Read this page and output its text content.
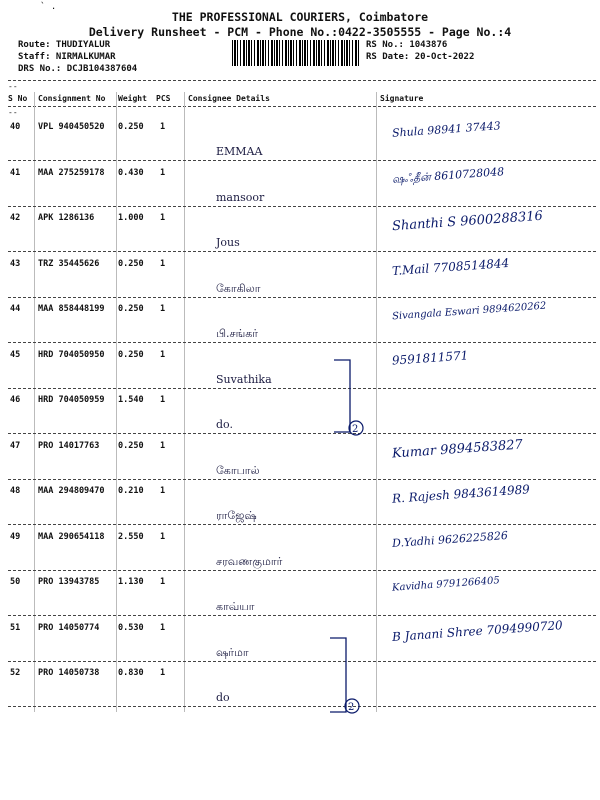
` .
THE PROFESSIONAL COURIERS, Coimbatore
Delivery Runsheet - PCM - Phone No.:0422-3505555 - Page No.:4
Route: THUDIYALUR
Staff: NIRMALKUMAR
DRS No.: DCJB104387604
RS No.: 1043876
RS Date: 20-Oct-2022
--
S No Consignment No Weight PCS Consignee Details	Signature
--
40 VPL 940450520 0.250 1
EMMAA
Shula 98941 37443
41 MAA 275259178 0.430 1
mansoor
ஷஃதீன் 8610728048
42 APK 1286136	1.000 1
Jous
Shanthi S 9600288316
43 TRZ 35445626 0.250 1
கோகிலா
T.Mail 7708514844
44 MAA 858448199 0.250 1
பி.சங்கர்
Sivangala Eswari 9894620262
45 HRD 704050950 0.250 1
Suvathika
9591811571
46 HRD 704050959 1.540 1
do.
47 PRO 14017763 0.250 1
கோபால்
Kumar 9894583827
48 MAA 294809470 0.210 1
ராஜேஷ்
R. Rajesh 9843614989
49 MAA 290654118 2.550 1
சரவணகுமார்
D.Yadhi 9626225826
50 PRO 13943785 1.130 1
காவ்யா
Kavidha 9791266405
51 PRO 14050774 0.530 1
ஷர்மா
B Janani Shree 7094990720
52 PRO 14050738 0.830 1
do
2
2
